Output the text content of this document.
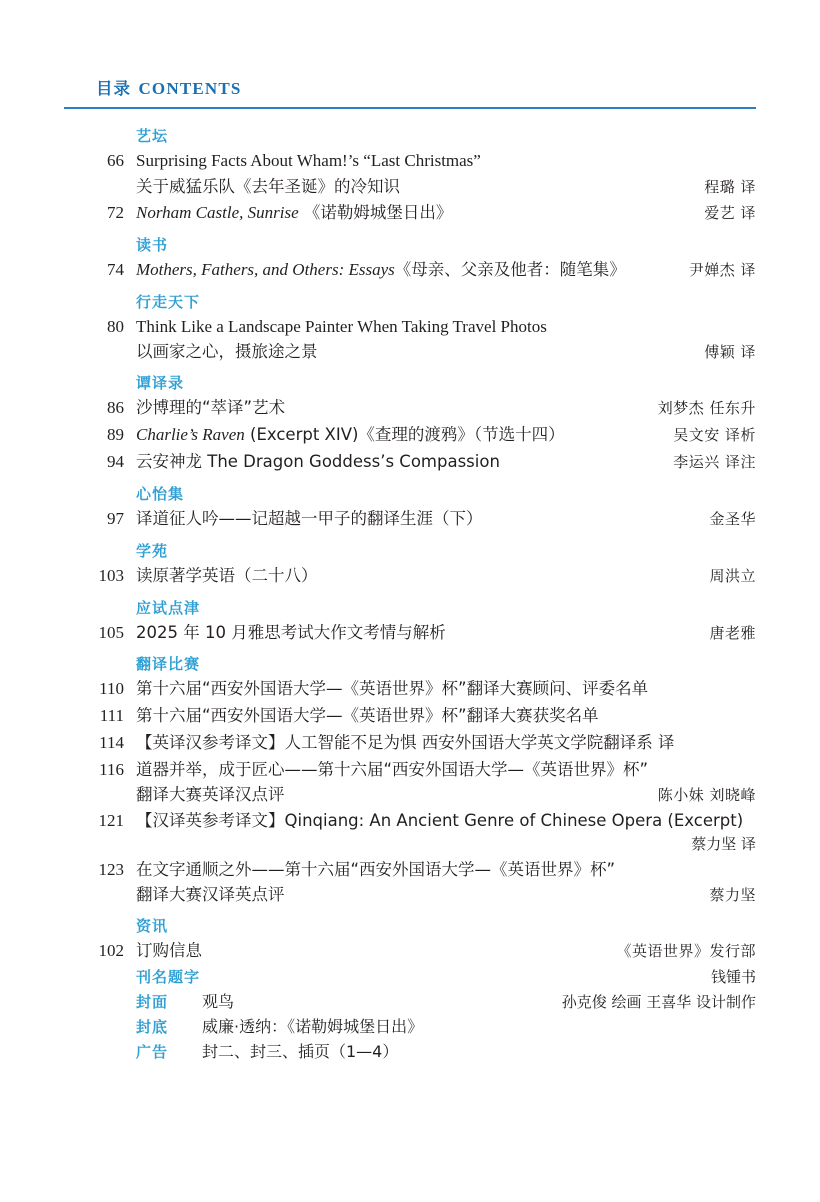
目录 CONTENTS
艺坛
66 Surprising Facts About Wham!’s “Last Christmas”
关于威猛乐队《去年圣诞》的冷知识	程璐 译
72 Norham Castle, Sunrise 《诺勒姆城堡日出》	爱艺 译
读书
74 Mothers, Fathers, and Others: Essays《母亲、父亲及他者：随笔集》	尹婵杰 译
行走天下
80 Think Like a Landscape Painter When Taking Travel Photos
以画家之心，摄旅途之景	傅颖 译
谭译录
86 沙博理的“萃译”艺术	刘梦杰 任东升
89 Charlie’s Raven (Excerpt XIV)《查理的渡鸦》（节选十四）	吴文安 译析
94 云安神龙 The Dragon Goddess’s Compassion	李运兴 译注
心怡集
97 译道征人吟——记超越一甲子的翻译生涯（下）	金圣华
学苑
103 读原著学英语（二十八）	周洪立
应试点津
105 2025 年 10 月雅思考试大作文考情与解析	唐老雅
翻译比赛
110 第十六届“西安外国语大学—《英语世界》杯”翻译大赛顾问、评委名单
111 第十六届“西安外国语大学—《英语世界》杯”翻译大赛获奖名单
114 【英译汉参考译文】人工智能不足为惧 西安外国语大学英文学院翻译系 译
116 道器并举，成于匠心——第十六届“西安外国语大学—《英语世界》杯”
翻译大赛英译汉点评	陈小妹 刘晓峰
121 【汉译英参考译文】Qinqiang: An Ancient Genre of Chinese Opera (Excerpt)
蔡力坚 译
123 在文字通顺之外——第十六届“西安外国语大学—《英语世界》杯”
翻译大赛汉译英点评	蔡力坚
资讯
102 订购信息	《英语世界》发行部
刊名题字	钱锺书
封面	观鸟	孙克俊 绘画 王喜华 设计制作
封底	威廉·透纳：《诺勒姆城堡日出》
广告	封二、封三、插页（1—4）
